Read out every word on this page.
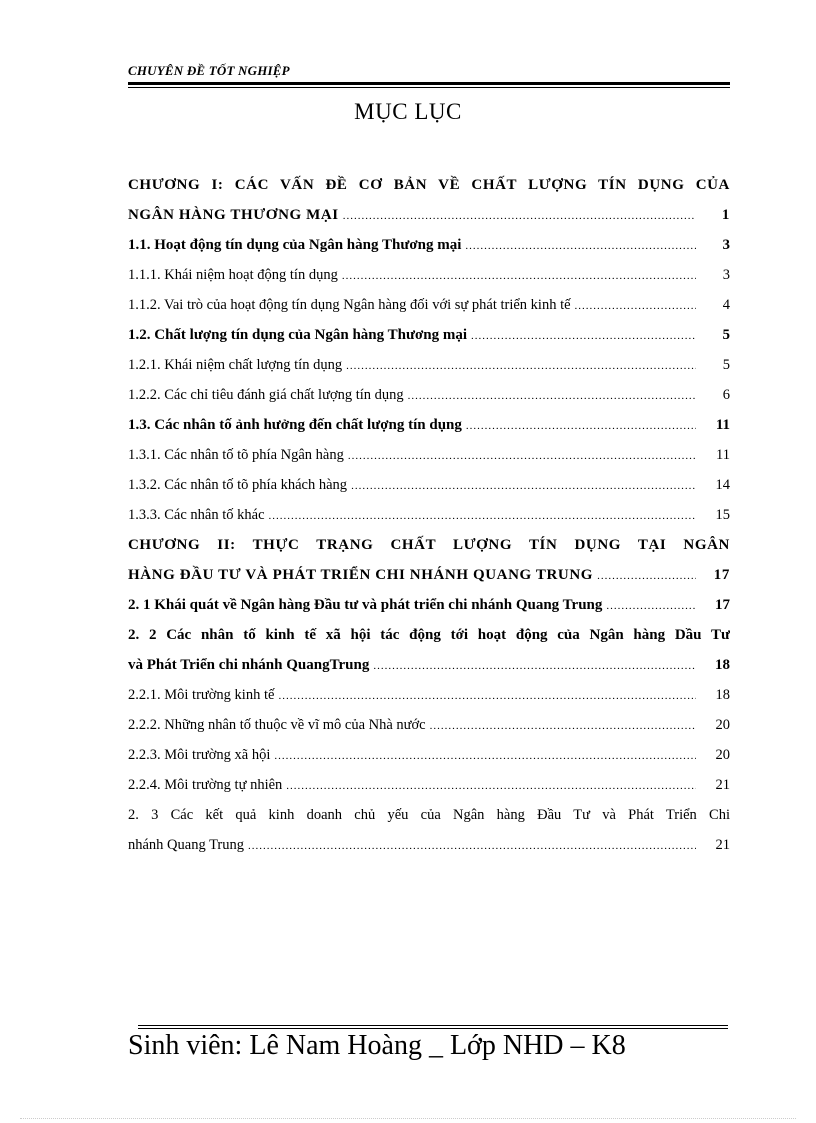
CHUYÊN ĐỀ TỐT NGHIỆP
MỤC LỤC
CHƯƠNG I: CÁC VẤN ĐỀ CƠ BẢN VỀ CHẤT LƯỢNG TÍN DỤNG CỦA
NGÂN HÀNG THƯƠNG MẠI .....	1
1.1. Hoạt động tín dụng của Ngân hàng Thương mại .....	3
1.1.1. Khái niệm hoạt động tín dụng .....	3
1.1.2. Vai trò của hoạt động tín dụng Ngân hàng đối với sự phát triển kinh tế .....	4
1.2. Chất lượng tín dụng của Ngân hàng Thương mại .....	5
1.2.1. Khái niệm chất lượng tín dụng .....	5
1.2.2. Các chỉ tiêu đánh giá chất lượng tín dụng .....	6
1.3. Các nhân tố ảnh hưởng đến chất lượng tín dụng .....	11
1.3.1. Các nhân tố tõ phía Ngân hàng .....	11
1.3.2. Các nhân tố tõ phía khách hàng .....	14
1.3.3. Các nhân tố khác .....	15
CHƯƠNG II: THỰC TRẠNG CHẤT LƯỢNG TÍN DỤNG TẠI NGÂN
HÀNG ĐẦU TƯ VÀ PHÁT TRIỂN CHI NHÁNH QUANG TRUNG .....	17
2. 1 Khái quát về Ngân hàng Đầu tư và phát triển chi nhánh Quang Trung .....	17
2. 2 Các nhân tố kinh tế xã hội tác động tới hoạt động của Ngân hàng Dầu Tư
và Phát Triển chi nhánh QuangTrung .....	18
2.2.1. Môi trường kinh tế .....	18
2.2.2. Những nhân tố thuộc về vĩ mô của Nhà nước .....	20
2.2.3. Môi trường xã hội .....	20
2.2.4. Môi trường tự nhiên .....	21
2. 3 Các kết quả kinh doanh chủ yếu của Ngân hàng Đầu Tư và Phát Triển Chi
nhánh Quang Trung .....	21
Sinh viên: Lê Nam Hoàng _ Lớp NHD – K8
